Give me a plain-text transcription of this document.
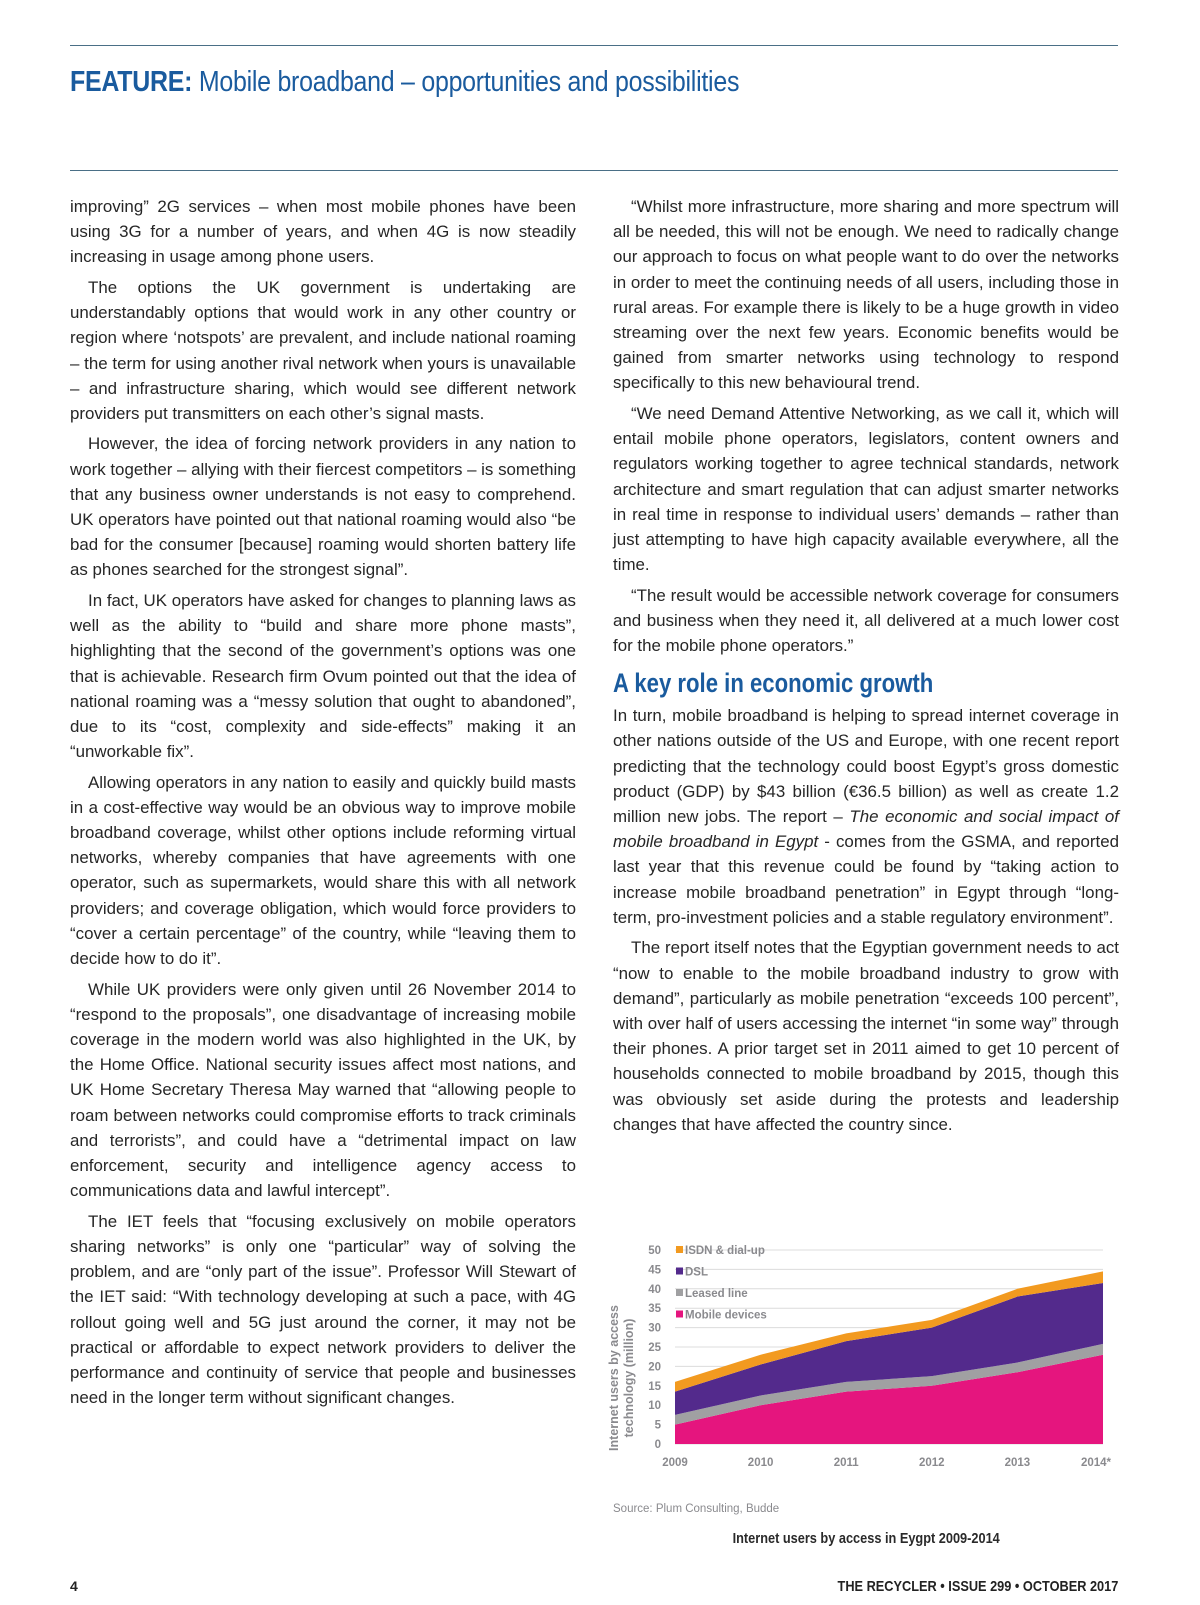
FEATURE: Mobile broadband – opportunities and possibilities

improving” 2G services – when most mobile phones have been using 3G for a number of years, and when 4G is now steadily increasing in usage among phone users.

The options the UK government is undertaking are understandably options that would work in any other country or region where ‘notspots’ are prevalent, and include national roaming – the term for using another rival network when yours is unavailable – and infrastructure sharing, which would see different network providers put transmitters on each other’s signal masts.

However, the idea of forcing network providers in any nation to work together – allying with their fiercest competitors – is something that any business owner understands is not easy to comprehend. UK operators have pointed out that national roaming would also “be bad for the consumer [because] roaming would shorten battery life as phones searched for the strongest signal”.

In fact, UK operators have asked for changes to planning laws as well as the ability to “build and share more phone masts”, highlighting that the second of the government’s options was one that is achievable. Research firm Ovum pointed out that the idea of national roaming was a “messy solution that ought to abandoned”, due to its “cost, complexity and side-effects” making it an “unworkable fix”.

Allowing operators in any nation to easily and quickly build masts in a cost-effective way would be an obvious way to improve mobile broadband coverage, whilst other options include reforming virtual networks, whereby companies that have agreements with one operator, such as supermarkets, would share this with all network providers; and coverage obligation, which would force providers to “cover a certain percentage” of the country, while “leaving them to decide how to do it”.

While UK providers were only given until 26 November 2014 to “respond to the proposals”, one disadvantage of increasing mobile coverage in the modern world was also highlighted in the UK, by the Home Office. National security issues affect most nations, and UK Home Secretary Theresa May warned that “allowing people to roam between networks could compromise efforts to track criminals and terrorists”, and could have a “detrimental impact on law enforcement, security and intelligence agency access to communications data and lawful intercept”.

The IET feels that “focusing exclusively on mobile operators sharing networks” is only one “particular” way of solving the problem, and are “only part of the issue”. Professor Will Stewart of the IET said: “With technology developing at such a pace, with 4G rollout going well and 5G just around the corner, it may not be practical or affordable to expect network providers to deliver the performance and continuity of service that people and businesses need in the longer term without significant changes.

“Whilst more infrastructure, more sharing and more spectrum will all be needed, this will not be enough. We need to radically change our approach to focus on what people want to do over the networks in order to meet the continuing needs of all users, including those in rural areas. For example there is likely to be a huge growth in video streaming over the next few years. Economic benefits would be gained from smarter networks using technology to respond specifically to this new behavioural trend.

“We need Demand Attentive Networking, as we call it, which will entail mobile phone operators, legislators, content owners and regulators working together to agree technical standards, network architecture and smart regulation that can adjust smarter networks in real time in response to individual users’ demands – rather than just attempting to have high capacity available everywhere, all the time.

“The result would be accessible network coverage for consumers and business when they need it, all delivered at a much lower cost for the mobile phone operators.”

A key role in economic growth

In turn, mobile broadband is helping to spread internet coverage in other nations outside of the US and Europe, with one recent report predicting that the technology could boost Egypt’s gross domestic product (GDP) by $43 billion (€36.5 billion) as well as create 1.2 million new jobs. The report – The economic and social impact of mobile broadband in Egypt - comes from the GSMA, and reported last year that this revenue could be found by “taking action to increase mobile broadband penetration” in Egypt through “long-term, pro-investment policies and a stable regulatory environment”.

The report itself notes that the Egyptian government needs to act “now to enable to the mobile broadband industry to grow with demand”, particularly as mobile penetration “exceeds 100 percent”, with over half of users accessing the internet “in some way” through their phones. A prior target set in 2011 aimed to get 10 percent of households connected to mobile broadband by 2015, though this was obviously set aside during the protests and leadership changes that have affected the country since.

Internet users by accesstechnology (million)
0
5
10
15
20
25
30
35
40
45
50
2009	2010	2011	2012	2013	2014*
ISDN & dial-up
DSL
Leased line
Mobile devices
Source: Plum Consulting, Budde
Internet users by access in Eygpt 2009-2014
4	THE RECYCLER • ISSUE 299 • OCTOBER 2017
